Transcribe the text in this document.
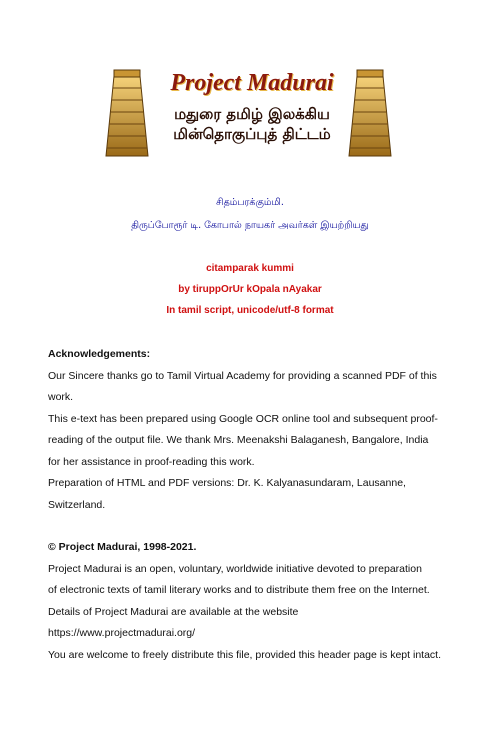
Project Madurai
மதுரை தமிழ் இலக்கிய
மின்தொகுப்புத் திட்டம்
சிதம்பரக்கும்மி.
திருப்போரூர் டி. கோபால் நாயகர் அவர்கள் இயற்றியது
citamparak kummi
by tiruppOrUr kOpala nAyakar
In tamil script, unicode/utf-8 format

Acknowledgements:

Our Sincere thanks go to Tamil Virtual Academy for providing a scanned PDF of this

work.

This e-text has been prepared using Google OCR online tool and subsequent proof-

reading of the output file. We thank Mrs. Meenakshi Balaganesh, Bangalore, India

for her assistance in proof-reading this work.

Preparation of HTML and PDF versions: Dr. K. Kalyanasundaram, Lausanne,

Switzerland.

© Project Madurai, 1998-2021.

Project Madurai is an open, voluntary, worldwide initiative devoted to preparation

of electronic texts of tamil literary works and to distribute them free on the Internet.

Details of Project Madurai are available at the website

https://www.projectmadurai.org/

You are welcome to freely distribute this file, provided this header page is kept intact.
